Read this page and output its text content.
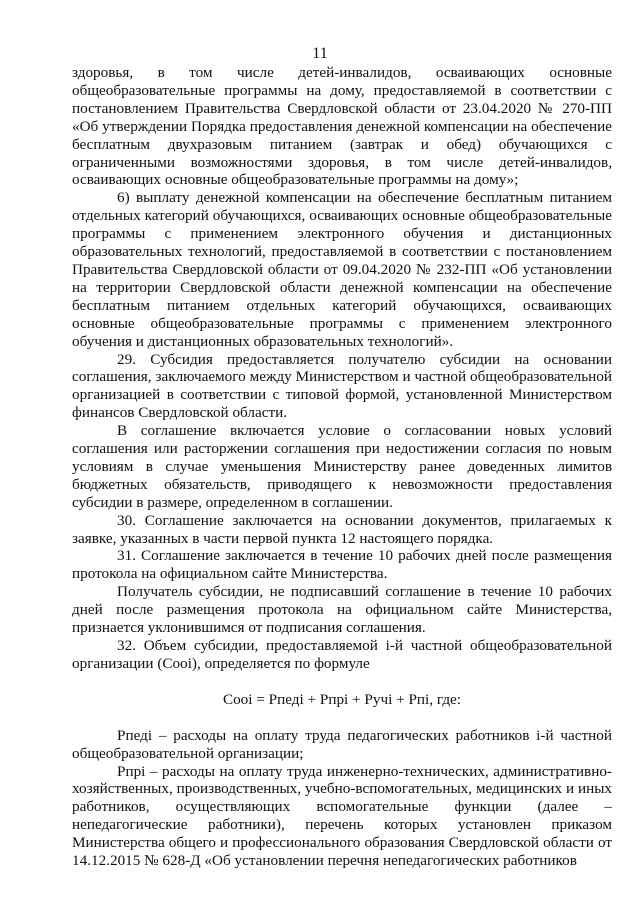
11

здоровья, в том числе детей-инвалидов, осваивающих основные общеобразовательные программы на дому, предоставляемой в соответствии с постановлением Правительства Свердловской области от 23.04.2020 № 270-ПП «Об утверждении Порядка предоставления денежной компенсации на обеспечение бесплатным двухразовым питанием (завтрак и обед) обучающихся с ограниченными возможностями здоровья, в том числе детей-инвалидов, осваивающих основные общеобразовательные программы на дому»;

6) выплату денежной компенсации на обеспечение бесплатным питанием отдельных категорий обучающихся, осваивающих основные общеобразовательные программы с применением электронного обучения и дистанционных образовательных технологий, предоставляемой в соответствии с постановлением Правительства Свердловской области от 09.04.2020 № 232-ПП «Об установлении на территории Свердловской области денежной компенсации на обеспечение бесплатным питанием отдельных категорий обучающихся, осваивающих основные общеобразовательные программы с применением электронного обучения и дистанционных образовательных технологий».

29. Субсидия предоставляется получателю субсидии на основании соглашения, заключаемого между Министерством и частной общеобразовательной организацией в соответствии с типовой формой, установленной Министерством финансов Свердловской области.

В соглашение включается условие о согласовании новых условий соглашения или расторжении соглашения при недостижении согласия по новым условиям в случае уменьшения Министерству ранее доведенных лимитов бюджетных обязательств, приводящего к невозможности предоставления субсидии в размере, определенном в соглашении.

30. Соглашение заключается на основании документов, прилагаемых к заявке, указанных в части первой пункта 12 настоящего порядка.

31. Соглашение заключается в течение 10 рабочих дней после размещения протокола на официальном сайте Министерства.

Получатель субсидии, не подписавший соглашение в течение 10 рабочих дней после размещения протокола на официальном сайте Министерства, признается уклонившимся от подписания соглашения.

32. Объем субсидии, предоставляемой i-й частной общеобразовательной организации (Сooi), определяется по формуле

Сooi = Рпедi + Рпрi + Ручi + Рпi, где:

Рпедi – расходы на оплату труда педагогических работников i-й частной общеобразовательной организации;

Рпрi – расходы на оплату труда инженерно-технических, административно-хозяйственных, производственных, учебно-вспомогательных, медицинских и иных работников, осуществляющих вспомогательные функции (далее – непедагогические работники), перечень которых установлен приказом Министерства общего и профессионального образования Свердловской области от 14.12.2015 № 628-Д «Об установлении перечня непедагогических работников
